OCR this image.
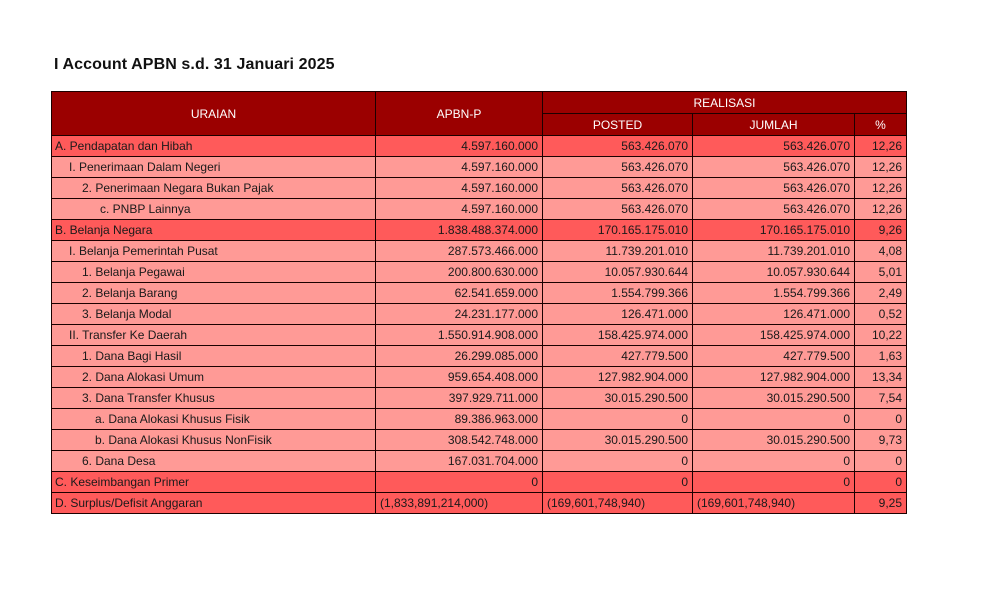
I Account APBN s.d. 31 Januari 2025
URAIAN	APBN-P	REALISASI		
		POSTED	JUMLAH	%
A. Pendapatan dan Hibah	4.597.160.000	563.426.070	563.426.070	12,26
I. Penerimaan Dalam Negeri	4.597.160.000	563.426.070	563.426.070	12,26
2. Penerimaan Negara Bukan Pajak	4.597.160.000	563.426.070	563.426.070	12,26
c. PNBP Lainnya	4.597.160.000	563.426.070	563.426.070	12,26
B. Belanja Negara	1.838.488.374.000	170.165.175.010	170.165.175.010	9,26
I. Belanja Pemerintah Pusat	287.573.466.000	11.739.201.010	11.739.201.010	4,08
1. Belanja Pegawai	200.800.630.000	10.057.930.644	10.057.930.644	5,01
2. Belanja Barang	62.541.659.000	1.554.799.366	1.554.799.366	2,49
3. Belanja Modal	24.231.177.000	126.471.000	126.471.000	0,52
II. Transfer Ke Daerah	1.550.914.908.000	158.425.974.000	158.425.974.000	10,22
1. Dana Bagi Hasil	26.299.085.000	427.779.500	427.779.500	1,63
2. Dana Alokasi Umum	959.654.408.000	127.982.904.000	127.982.904.000	13,34
3. Dana Transfer Khusus	397.929.711.000	30.015.290.500	30.015.290.500	7,54
a. Dana Alokasi Khusus Fisik	89.386.963.000	0	0	0
b. Dana Alokasi Khusus NonFisik	308.542.748.000	30.015.290.500	30.015.290.500	9,73
6. Dana Desa	167.031.704.000	0	0	0
C. Keseimbangan Primer	0	0	0	0
D. Surplus/Defisit Anggaran	(1,833,891,214,000)	(169,601,748,940)	(169,601,748,940)	9,25
